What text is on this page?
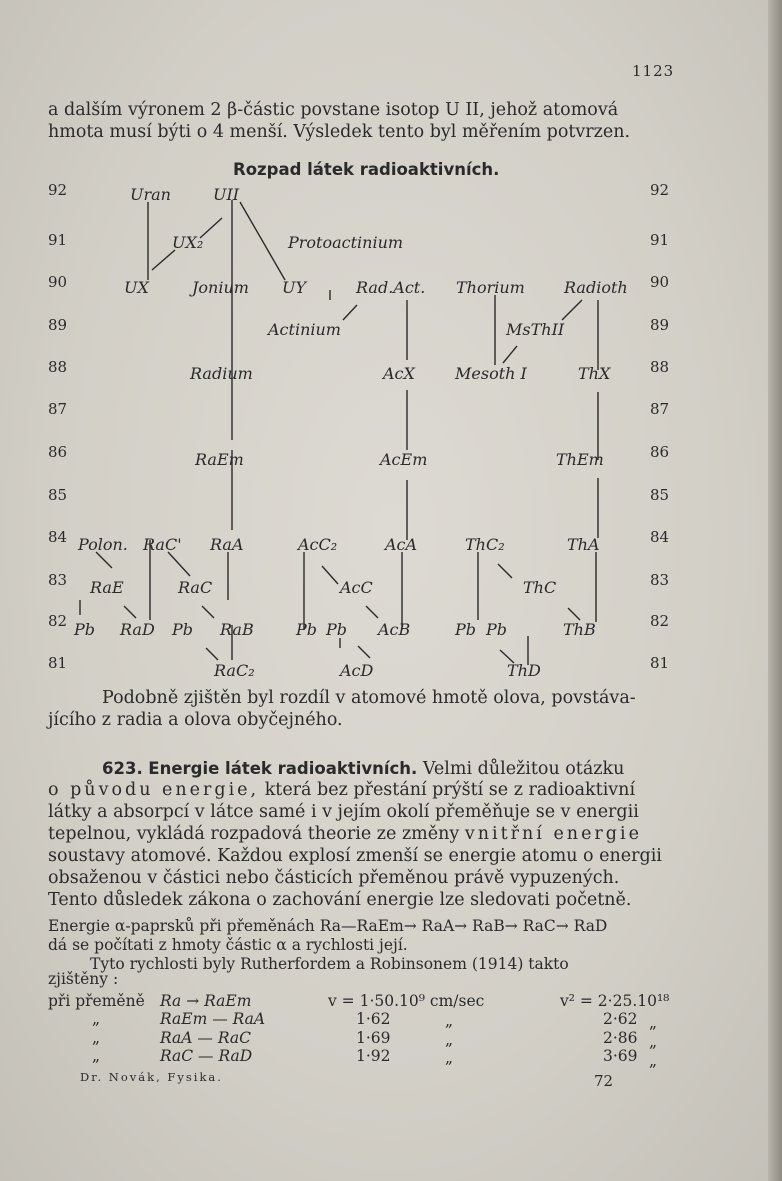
1123
a dalším výronem 2 β-částic povstane isotop U II, jehož atomová
hmota musí býti o 4 menší. Výsledek tento byl měřením potvrzen.
Rozpad látek radioaktivních.
92
91
90
89
88
87
86
85
84
83
82
81
92
91
90
89
88
87
86
85
84
83
82
81
Uran	UII
UX₂	Protoactinium
UX	Jonium UY	Rad.Act. Thorium Radioth
Actinium	MsThII
Radium	AcX	Mesoth I	ThX
RaEm	AcEm	ThEm
Polon. RaC' RaA	AcC₂	AcA	ThC₂	ThA
RaE	RaC	AcC	ThC
Pb RaD Pb RaB	Pb Pb AcB	Pb Pb	ThB
RaC₂	AcD	ThD
Podobně zjištěn byl rozdíl v atomové hmotě olova, povstáva-
jícího z radia a olova obyčejného.
623. Energie látek radioaktivních. Velmi důležitou otázku
o původu energie, která bez přestání prýští se z radioaktivní
látky a absorpcí v látce samé i v jejím okolí přeměňuje se v energii
tepelnou, vykládá rozpadová theorie ze změny vnitřní energie
soustavy atomové. Každou explosí zmenší se energie atomu o energii
obsaženou v částici nebo částicích přeměnou právě vypuzených.
Tento důsledek zákona o zachování energie lze sledovati početně.
Energie α-paprsků při přeměnách Ra—RaEm→ RaA→ RaB→ RaC→ RaD
dá se počítati z hmoty částic α a rychlosti její.
Tyto rychlosti byly Rutherfordem a Robinsonem (1914) takto
zjištěny :
při přeměně Ra → RaEm	v = 1·50.10⁹ cm/sec	v² = 2·25.10¹⁸
„	RaEm — RaA	1·62	„	2·62 „
„	RaA — RaC	1·69	„	2·86 „
„	RaC — RaD	1·92	„	3·69 „
Dr. Novák, Fysika.	72
